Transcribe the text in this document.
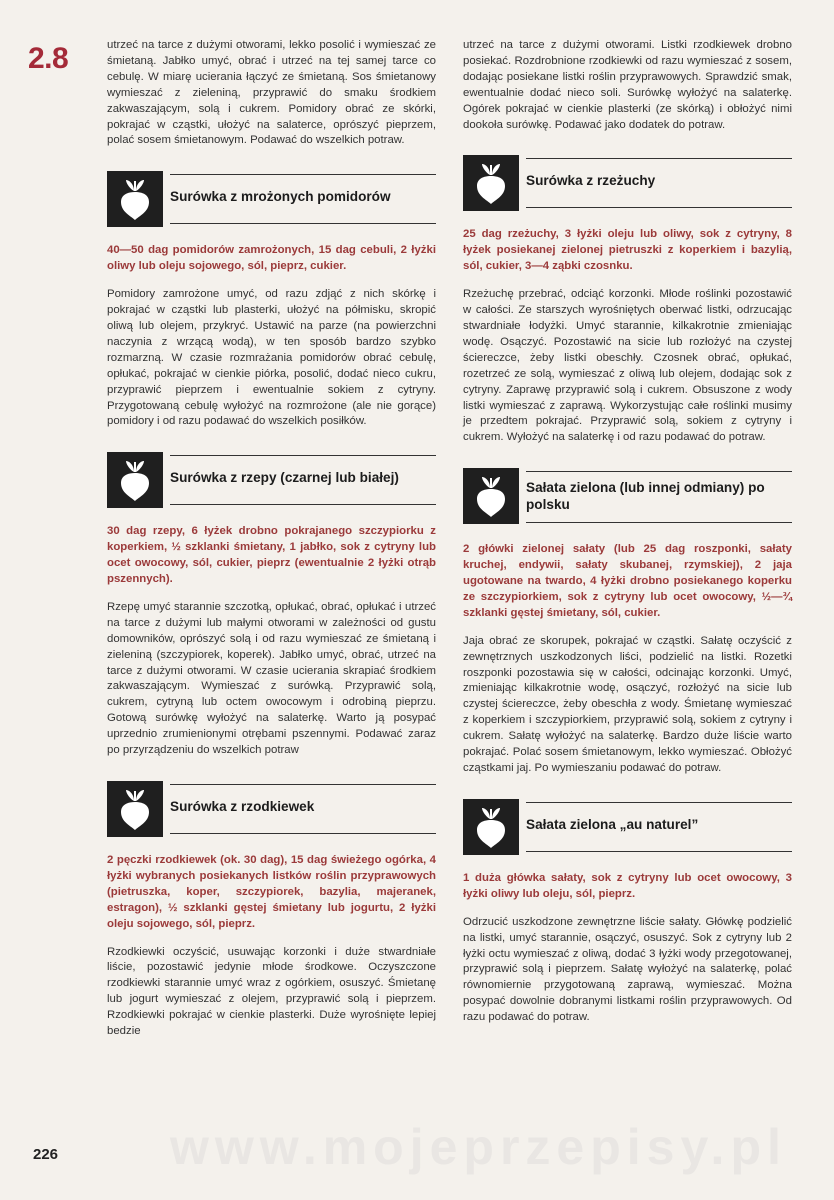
2.8
www.mojeprzepisy.pl

utrzeć na tarce z dużymi otworami, lekko posolić i wymieszać ze śmietaną. Jabłko umyć, obrać i utrzeć na tej samej tarce co cebulę. W miarę ucierania łączyć ze śmietaną. Sos śmietanowy wymieszać z zieleniną, przyprawić do smaku środkiem zakwaszającym, solą i cukrem. Pomidory obrać ze skórki, pokrajać w cząstki, ułożyć na salaterce, oprószyć pieprzem, polać sosem śmietanowym. Podawać do wszelkich potraw.

Surówka z mrożonych pomidorów

40—50 dag pomidorów zamrożonych, 15 dag cebuli, 2 łyżki oliwy lub oleju sojowego, sól, pieprz, cukier.

Pomidory zamrożone umyć, od razu zdjąć z nich skórkę i pokrajać w cząstki lub plasterki, ułożyć na półmisku, skropić oliwą lub olejem, przykryć. Ustawić na parze (na powierzchni naczynia z wrzącą wodą), w ten sposób bardzo szybko rozmarzną. W czasie rozmrażania pomidorów obrać cebulę, opłukać, pokrajać w cienkie piórka, posolić, dodać nieco cukru, przyprawić pieprzem i ewentualnie sokiem z cytryny. Przygotowaną cebulę wyłożyć na rozmrożone (ale nie gorące) pomidory i od razu podawać do wszelkich posiłków.

Surówka z rzepy (czarnej lub białej)

30 dag rzepy, 6 łyżek drobno pokrajanego szczypiorku z koperkiem, ½ szklanki śmietany, 1 jabłko, sok z cytryny lub ocet owocowy, sól, cukier, pieprz (ewentualnie 2 łyżki otrąb pszennych).

Rzepę umyć starannie szczotką, opłukać, obrać, opłukać i utrzeć na tarce z dużymi lub małymi otworami w zależności od gustu domowników, oprószyć solą i od razu wymieszać ze śmietaną i zieleniną (szczypiorek, koperek). Jabłko umyć, obrać, utrzeć na tarce z dużymi otworami. W czasie ucierania skrapiać środkiem zakwaszającym. Wymieszać z surówką. Przyprawić solą, cukrem, cytryną lub octem owocowym i odrobiną pieprzu. Gotową surówkę wyłożyć na salaterkę. Warto ją posypać uprzednio zrumienionymi otrębami pszennymi. Podawać zaraz po przyrządzeniu do wszelkich potraw

Surówka z rzodkiewek

2 pęczki rzodkiewek (ok. 30 dag), 15 dag świeżego ogórka, 4 łyżki wybranych posiekanych listków roślin przyprawowych (pietruszka, koper, szczypiorek, bazylia, majeranek, estragon), ½ szklanki gęstej śmietany lub jogurtu, 2 łyżki oleju sojowego, sól, pieprz.

Rzodkiewki oczyścić, usuwając korzonki i duże stwardniałe liście, pozostawić jedynie młode środkowe. Oczyszczone rzodkiewki starannie umyć wraz z ogórkiem, osuszyć. Śmietanę lub jogurt wymieszać z olejem, przyprawić solą i pieprzem. Rzodkiewki pokrajać w cienkie plasterki. Duże wyrośnięte lepiej bedzie

utrzeć na tarce z dużymi otworami. Listki rzodkiewek drobno posiekać. Rozdrobnione rzodkiewki od razu wymieszać z sosem, dodając posiekane listki roślin przyprawowych. Sprawdzić smak, ewentualnie dodać nieco soli. Surówkę wyłożyć na salaterkę. Ogórek pokrajać w cienkie plasterki (ze skórką) i obłożyć nimi dookoła surówkę. Podawać jako dodatek do potraw.

Surówka z rzeżuchy

25 dag rzeżuchy, 3 łyżki oleju lub oliwy, sok z cytryny, 8 łyżek posiekanej zielonej pietruszki z koperkiem i bazylią, sól, cukier, 3—4 ząbki czosnku.

Rzeżuchę przebrać, odciąć korzonki. Młode roślinki pozostawić w całości. Ze starszych wyrośniętych oberwać listki, odrzucając stwardniałe łodyżki. Umyć starannie, kilkakrotnie zmieniając wodę. Osączyć. Pozostawić na sicie lub rozłożyć na czystej ściereczce, żeby listki obeschły. Czosnek obrać, opłukać, rozetrzeć ze solą, wymieszać z oliwą lub olejem, dodając sok z cytryny. Zaprawę przyprawić solą i cukrem. Obsuszone z wody listki wymieszać z zaprawą. Wykorzystując całe roślinki musimy je przedtem pokrajać. Przyprawić solą, sokiem z cytryny i cukrem. Wyłożyć na salaterkę i od razu podawać do potraw.

Sałata zielona (lub innej odmiany) po polsku

2 główki zielonej sałaty (lub 25 dag roszponki, sałaty kruchej, endywii, sałaty skubanej, rzymskiej), 2 jaja ugotowane na twardo, 4 łyżki drobno posiekanego koperku ze szczypiorkiem, sok z cytryny lub ocet owocowy, ½—¾ szklanki gęstej śmietany, sól, cukier.

Jaja obrać ze skorupek, pokrajać w cząstki. Sałatę oczyścić z zewnętrznych uszkodzonych liści, podzielić na listki. Rozetki roszponki pozostawia się w całości, odcinając korzonki. Umyć, zmieniając kilkakrotnie wodę, osączyć, rozłożyć na sicie lub czystej ściereczce, żeby obeschła z wody. Śmietanę wymieszać z koperkiem i szczypiorkiem, przyprawić solą, sokiem z cytryny i cukrem. Sałatę wyłożyć na salaterkę. Bardzo duże liście warto pokrajać. Polać sosem śmietanowym, lekko wymieszać. Obłożyć cząstkami jaj. Po wymieszaniu podawać do potraw.

Sałata zielona „au naturel”

1 duża główka sałaty, sok z cytryny lub ocet owocowy, 3 łyżki oliwy lub oleju, sól, pieprz.

Odrzucić uszkodzone zewnętrzne liście sałaty. Główkę podzielić na listki, umyć starannie, osączyć, osuszyć. Sok z cytryny lub 2 łyżki octu wymieszać z oliwą, dodać 3 łyżki wody przegotowanej, przyprawić solą i pieprzem. Sałatę wyłożyć na salaterkę, polać równomiernie przygotowaną zaprawą, wymieszać. Można posypać dowolnie dobranymi listkami roślin przyprawowych. Od razu podawać do potraw.

226
